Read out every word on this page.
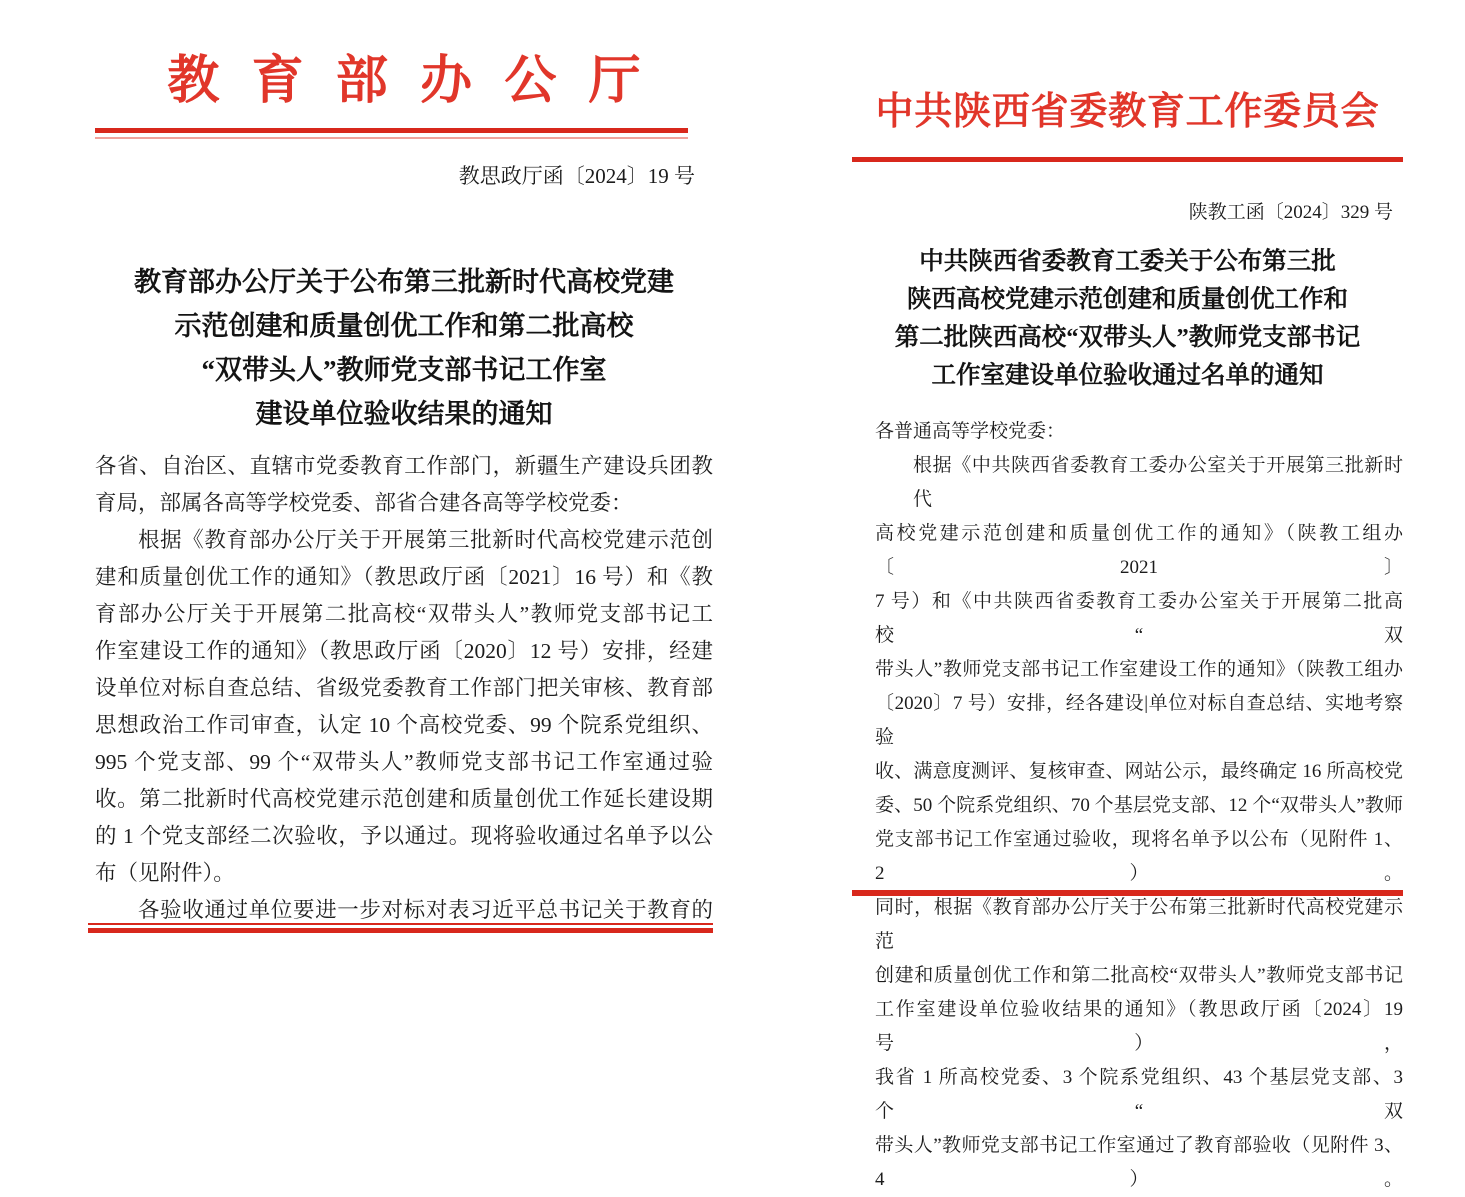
教育部办公厅
教思政厅函〔2024〕19 号
教育部办公厅关于公布第三批新时代高校党建
示范创建和质量创优工作和第二批高校
“双带头人”教师党支部书记工作室
建设单位验收结果的通知
各省、自治区、直辖市党委教育工作部门，新疆生产建设兵团教
育局，部属各高等学校党委、部省合建各高等学校党委：
根据《教育部办公厅关于开展第三批新时代高校党建示范创
建和质量创优工作的通知》（教思政厅函〔2021〕16 号）和《教
育部办公厅关于开展第二批高校“双带头人”教师党支部书记工
作室建设工作的通知》（教思政厅函〔2020〕12 号）安排，经建
设单位对标自查总结、省级党委教育工作部门把关审核、教育部
思想政治工作司审查，认定 10 个高校党委、99 个院系党组织、
995 个党支部、99 个“双带头人”教师党支部书记工作室通过验
收。第二批新时代高校党建示范创建和质量创优工作延长建设期
的 1 个党支部经二次验收，予以通过。现将验收通过名单予以公
布（见附件）。
各验收通过单位要进一步对标对表习近平总书记关于教育的
中共陕西省委教育工作委员会
陕教工函〔2024〕329 号
中共陕西省委教育工委关于公布第三批
陕西高校党建示范创建和质量创优工作和
第二批陕西高校“双带头人”教师党支部书记
工作室建设单位验收通过名单的通知
各普通高等学校党委：
根据《中共陕西省委教育工委办公室关于开展第三批新时代
高校党建示范创建和质量创优工作的通知》（陕教工组办〔2021〕
7 号）和《中共陕西省委教育工委办公室关于开展第二批高校“双
带头人”教师党支部书记工作室建设工作的通知》（陕教工组办
〔2020〕7 号）安排，经各建设|单位对标自查总结、实地考察验
收、满意度测评、复核审查、网站公示，最终确定 16 所高校党
委、50 个院系党组织、70 个基层党支部、12 个“双带头人”教师
党支部书记工作室通过验收，现将名单予以公布（见附件 1、2）。
同时，根据《教育部办公厅关于公布第三批新时代高校党建示范
创建和质量创优工作和第二批高校“双带头人”教师党支部书记
工作室建设单位验收结果的通知》（教思政厅函〔2024〕19 号），
我省 1 所高校党委、3 个院系党组织、43 个基层党支部、3 个“双
带头人”教师党支部书记工作室通过了教育部验收（见附件 3、4）。
